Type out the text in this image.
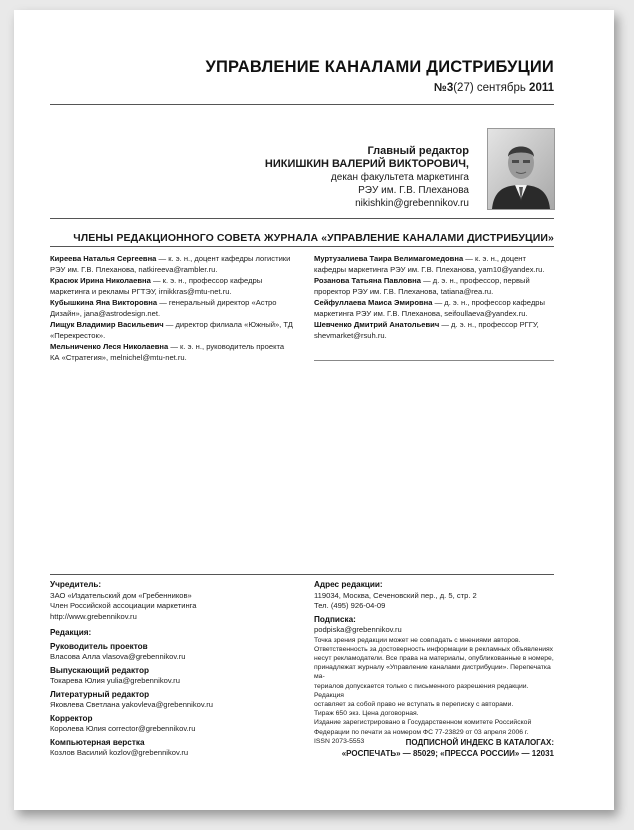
УПРАВЛЕНИЕ КАНАЛАМИ ДИСТРИБУЦИИ
№3(27) сентябрь 2011
Главный редактор
НИКИШКИН ВАЛЕРИЙ ВИКТОРОВИЧ,
декан факультета маркетинга
РЭУ им. Г.В. Плеханова
nikishkin@grebennikov.ru
ЧЛЕНЫ РЕДАКЦИОННОГО СОВЕТА ЖУРНАЛА «УПРАВЛЕНИЕ КАНАЛАМИ ДИСТРИБУЦИИ»

Киреева Наталья Сергеевна — к. э. н., доцент кафедры логистики РЭУ им. Г.В. Плеханова, natkireeva@rambler.ru.

Красюк Ирина Николаевна — к. э. н., профессор кафедры маркетинга и рекламы РГТЭУ, irnikkras@mtu-net.ru.

Кубышкина Яна Викторовна — генеральный директор «Астро Дизайн», jana@astrodesign.net.

Лищук Владимир Васильевич — директор филиала «Южный», ТД «Перекресток».

Мельниченко Леся Николаевна — к. э. н., руководитель проекта КА «Стратегия», melnichel@mtu-net.ru.

Муртузалиева Таира Велимагомедовна — к. э. н., доцент кафедры маркетинга РЭУ им. Г.В. Плеханова, yam10@yandex.ru.

Розанова Татьяна Павловна — д. э. н., профессор, первый проректор РЭУ им. Г.В. Плеханова, tatiana@rea.ru.

Сейфуллаева Маиса Эмировна — д. э. н., профессор кафедры маркетинга РЭУ им. Г.В. Плеханова, seifoullaeva@yandex.ru.

Шевченко Дмитрий Анатольевич — д. э. н., профессор РГГУ, shevmarket@rsuh.ru.

Учредитель:
ЗАО «Издательский дом «Гребенников»
Член Российской ассоциации маркетинга
http://www.grebennikov.ru
Редакция:
Руководитель проектов
Власова Алла vlasova@grebennikov.ru
Выпускающий редактор
Токарева Юлия yulia@grebennikov.ru
Литературный редактор
Яковлева Светлана yakovleva@grebennikov.ru
Корректор
Королева Юлия corrector@grebennikov.ru
Компьютерная верстка
Козлов Василий kozlov@grebennikov.ru
Адрес редакции:
119034, Москва, Сеченовский пер., д. 5, стр. 2
Тел. (495) 926-04-09
Подписка:
podpiska@grebennikov.ru
Точка зрения редакции может не совпадать с мнениями авторов.
Ответственность за достоверность информации в рекламных объявлениях
несут рекламодатели. Все права на материалы, опубликованные в номере,
принадлежат журналу «Управление каналами дистрибуции». Перепечатка ма-
териалов допускается только с письменного разрешения редакции. Редакция
оставляет за собой право не вступать в переписку с авторами.
Тираж 650 экз. Цена договорная.
Издание зарегистрировано в Государственном комитете Российской
Федерации по печати за номером ФС 77-23829 от 03 апреля 2006 г.
ISSN 2073-5553	ПОДПИСНОЙ ИНДЕКС В КАТАЛОГАХ:
«РОСПЕЧАТЬ» — 85029; «ПРЕССА РОССИИ» — 12031
